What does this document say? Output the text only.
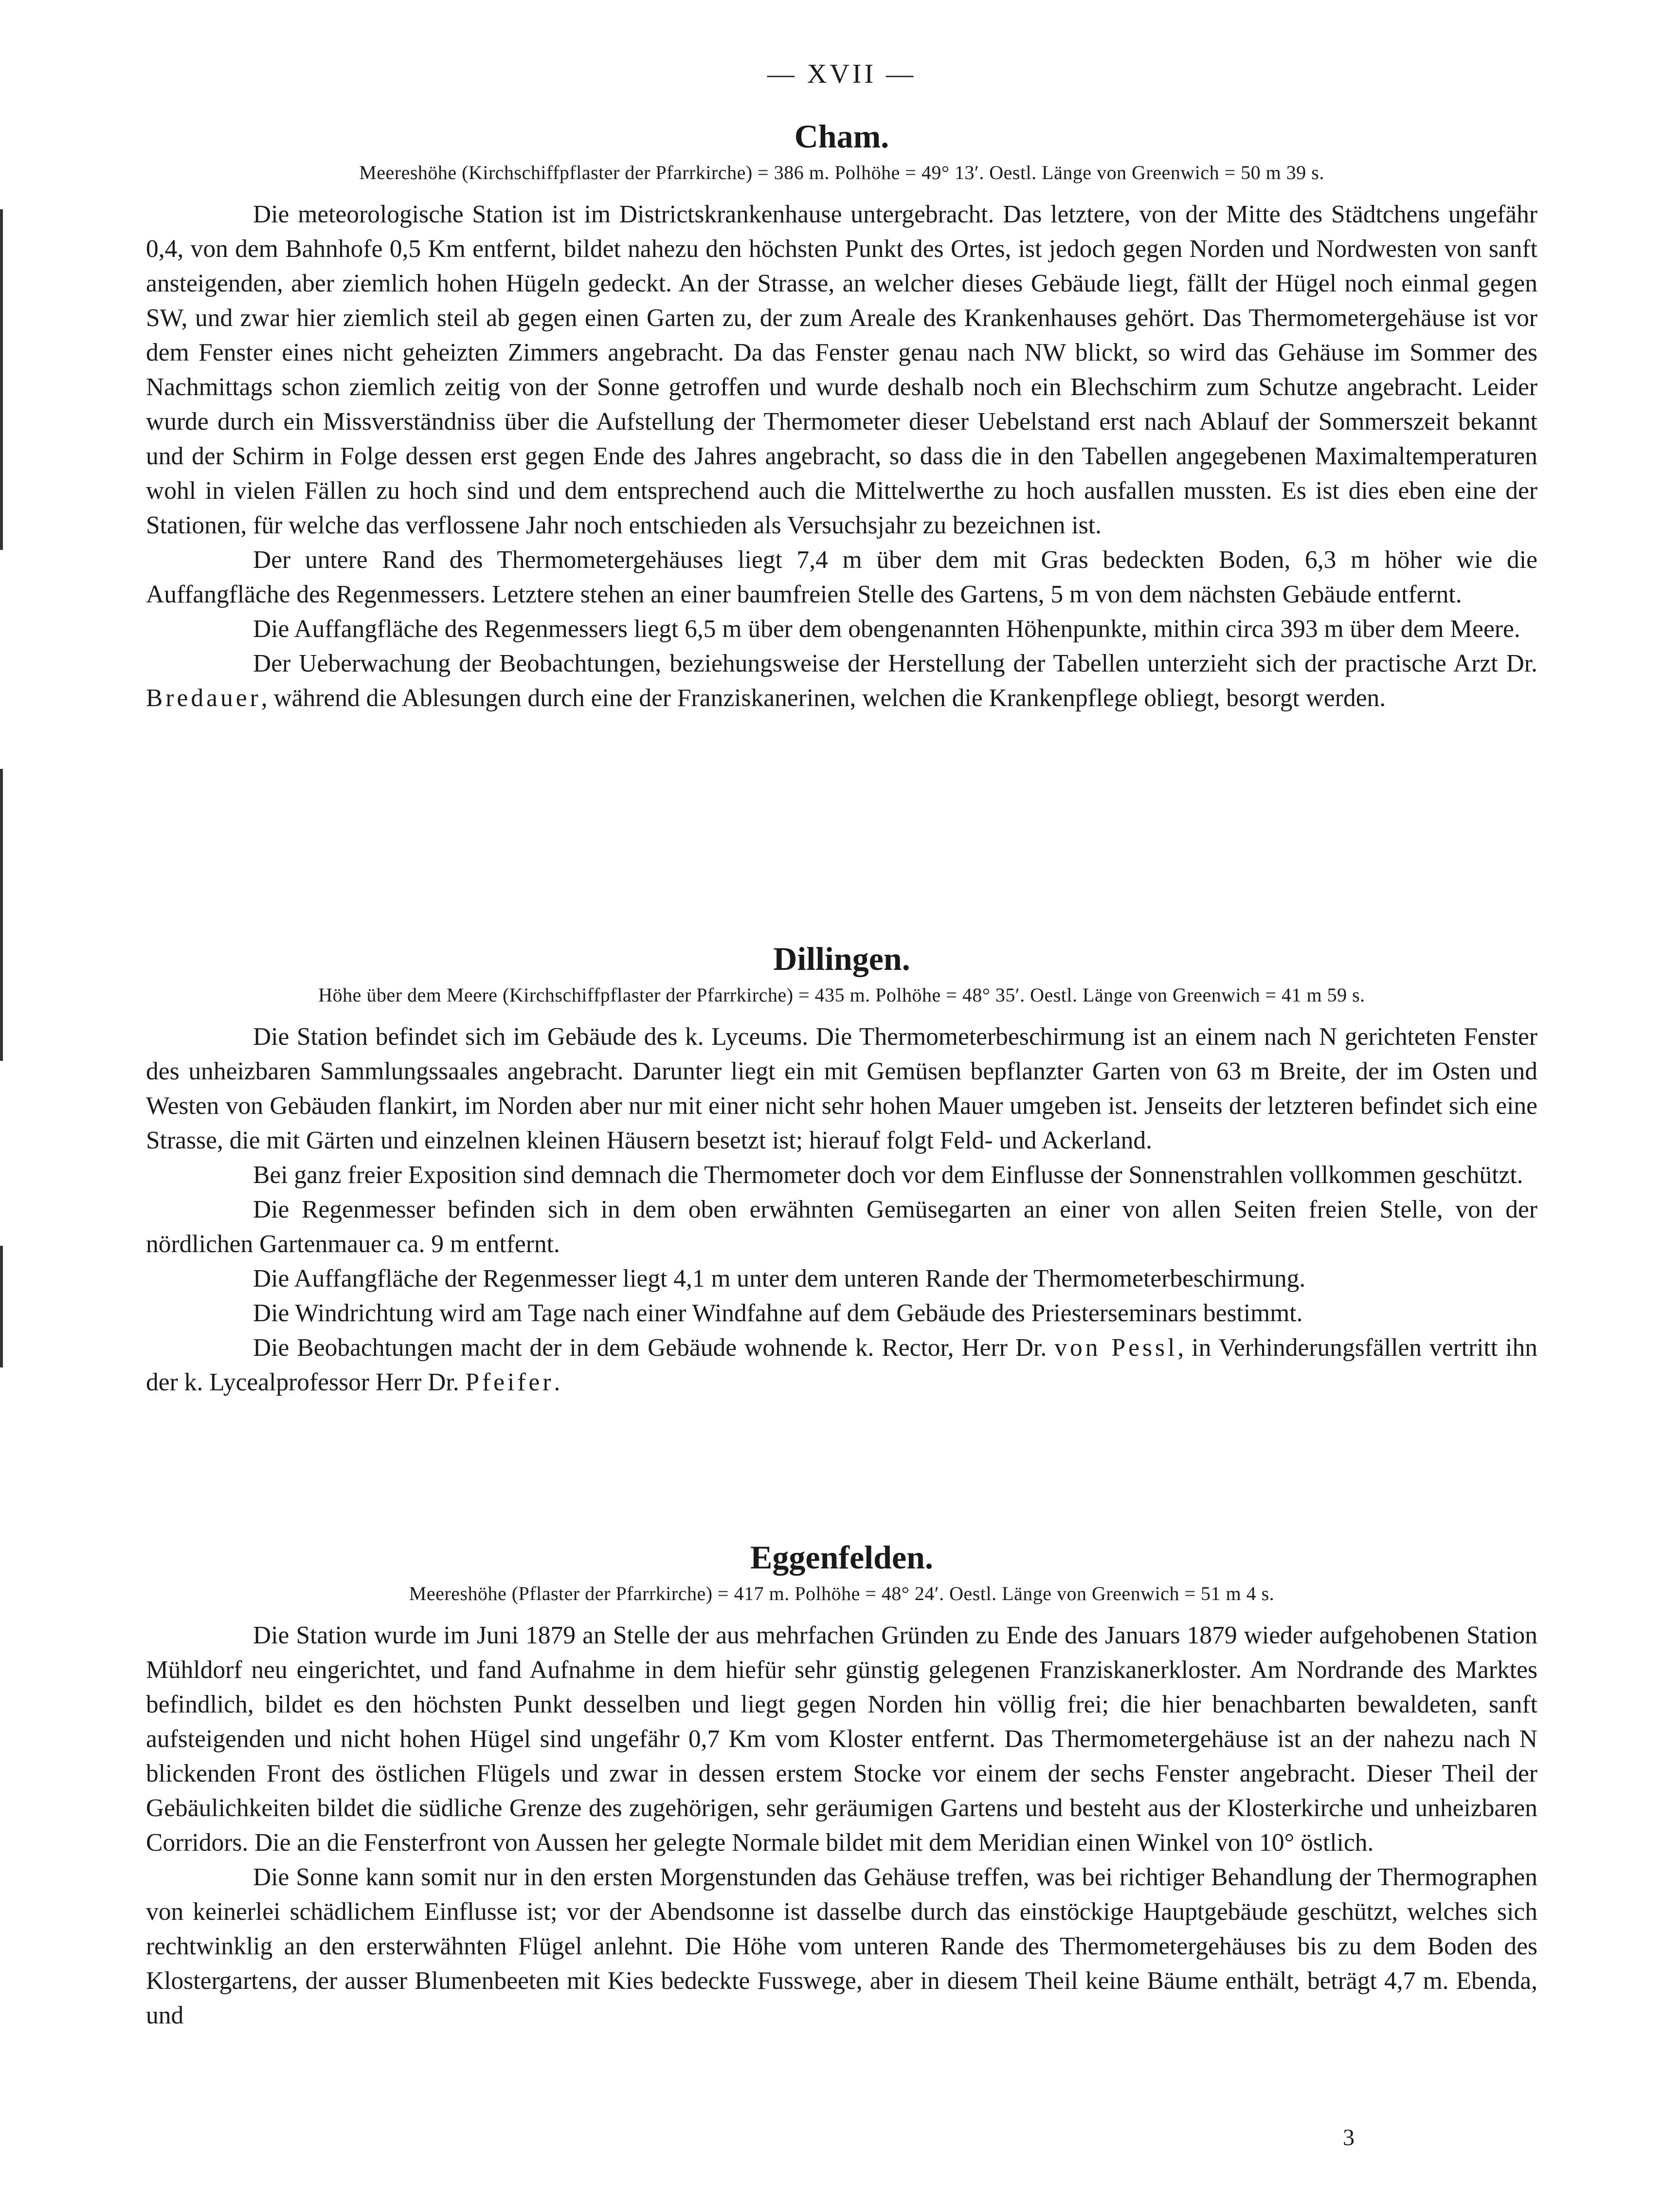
— XVII —
Cham.

Meereshöhe (Kirchschiffpflaster der Pfarrkirche) = 386 m. Polhöhe = 49° 13′. Oestl. Länge von Greenwich = 50 m 39 s.

Die meteorologische Station ist im Districtskrankenhause untergebracht. Das letztere, von der Mitte des Städtchens ungefähr 0,4, von dem Bahnhofe 0,5 Km entfernt, bildet nahezu den höchsten Punkt des Ortes, ist jedoch gegen Norden und Nordwesten von sanft ansteigenden, aber ziemlich hohen Hügeln gedeckt. An der Strasse, an welcher dieses Gebäude liegt, fällt der Hügel noch einmal gegen SW, und zwar hier ziemlich steil ab gegen einen Garten zu, der zum Areale des Krankenhauses gehört. Das Thermometergehäuse ist vor dem Fenster eines nicht geheizten Zimmers angebracht. Da das Fenster genau nach NW blickt, so wird das Gehäuse im Sommer des Nachmittags schon ziemlich zeitig von der Sonne getroffen und wurde deshalb noch ein Blechschirm zum Schutze angebracht. Leider wurde durch ein Missverständniss über die Aufstellung der Thermometer dieser Uebelstand erst nach Ablauf der Sommerszeit bekannt und der Schirm in Folge dessen erst gegen Ende des Jahres angebracht, so dass die in den Tabellen angegebenen Maximaltemperaturen wohl in vielen Fällen zu hoch sind und dem entsprechend auch die Mittelwerthe zu hoch ausfallen mussten. Es ist dies eben eine der Stationen, für welche das verflossene Jahr noch entschieden als Versuchsjahr zu bezeichnen ist.

Der untere Rand des Thermometergehäuses liegt 7,4 m über dem mit Gras bedeckten Boden, 6,3 m höher wie die Auffangfläche des Regenmessers. Letztere stehen an einer baumfreien Stelle des Gartens, 5 m von dem nächsten Gebäude entfernt.

Die Auffangfläche des Regenmessers liegt 6,5 m über dem obengenannten Höhenpunkte, mithin circa 393 m über dem Meere.

Der Ueberwachung der Beobachtungen, beziehungsweise der Herstellung der Tabellen unterzieht sich der practische Arzt Dr. Bredauer, während die Ablesungen durch eine der Franziskanerinen, welchen die Krankenpflege obliegt, besorgt werden.

Dillingen.

Höhe über dem Meere (Kirchschiffpflaster der Pfarrkirche) = 435 m. Polhöhe = 48° 35′. Oestl. Länge von Greenwich = 41 m 59 s.

Die Station befindet sich im Gebäude des k. Lyceums. Die Thermometerbeschirmung ist an einem nach N gerichteten Fenster des unheizbaren Sammlungssaales angebracht. Darunter liegt ein mit Gemüsen bepflanzter Garten von 63 m Breite, der im Osten und Westen von Gebäuden flankirt, im Norden aber nur mit einer nicht sehr hohen Mauer umgeben ist. Jenseits der letzteren befindet sich eine Strasse, die mit Gärten und einzelnen kleinen Häusern besetzt ist; hierauf folgt Feld- und Ackerland.

Bei ganz freier Exposition sind demnach die Thermometer doch vor dem Einflusse der Sonnenstrahlen vollkommen geschützt.

Die Regenmesser befinden sich in dem oben erwähnten Gemüsegarten an einer von allen Seiten freien Stelle, von der nördlichen Gartenmauer ca. 9 m entfernt.

Die Auffangfläche der Regenmesser liegt 4,1 m unter dem unteren Rande der Thermometerbeschirmung.

Die Windrichtung wird am Tage nach einer Windfahne auf dem Gebäude des Priesterseminars bestimmt.

Die Beobachtungen macht der in dem Gebäude wohnende k. Rector, Herr Dr. von Pessl, in Verhinderungsfällen vertritt ihn der k. Lycealprofessor Herr Dr. Pfeifer.

Eggenfelden.

Meereshöhe (Pflaster der Pfarrkirche) = 417 m. Polhöhe = 48° 24′. Oestl. Länge von Greenwich = 51 m 4 s.

Die Station wurde im Juni 1879 an Stelle der aus mehrfachen Gründen zu Ende des Januars 1879 wieder aufgehobenen Station Mühldorf neu eingerichtet, und fand Aufnahme in dem hiefür sehr günstig gelegenen Franziskanerkloster. Am Nordrande des Marktes befindlich, bildet es den höchsten Punkt desselben und liegt gegen Norden hin völlig frei; die hier benachbarten bewaldeten, sanft aufsteigenden und nicht hohen Hügel sind ungefähr 0,7 Km vom Kloster entfernt. Das Thermometergehäuse ist an der nahezu nach N blickenden Front des östlichen Flügels und zwar in dessen erstem Stocke vor einem der sechs Fenster angebracht. Dieser Theil der Gebäulichkeiten bildet die südliche Grenze des zugehörigen, sehr geräumigen Gartens und besteht aus der Klosterkirche und unheizbaren Corridors. Die an die Fensterfront von Aussen her gelegte Normale bildet mit dem Meridian einen Winkel von 10° östlich.

Die Sonne kann somit nur in den ersten Morgenstunden das Gehäuse treffen, was bei richtiger Behandlung der Thermographen von keinerlei schädlichem Einflusse ist; vor der Abendsonne ist dasselbe durch das einstöckige Hauptgebäude geschützt, welches sich rechtwinklig an den ersterwähnten Flügel anlehnt. Die Höhe vom unteren Rande des Thermometergehäuses bis zu dem Boden des Klostergartens, der ausser Blumenbeeten mit Kies bedeckte Fusswege, aber in diesem Theil keine Bäume enthält, beträgt 4,7 m. Ebenda, und

3
